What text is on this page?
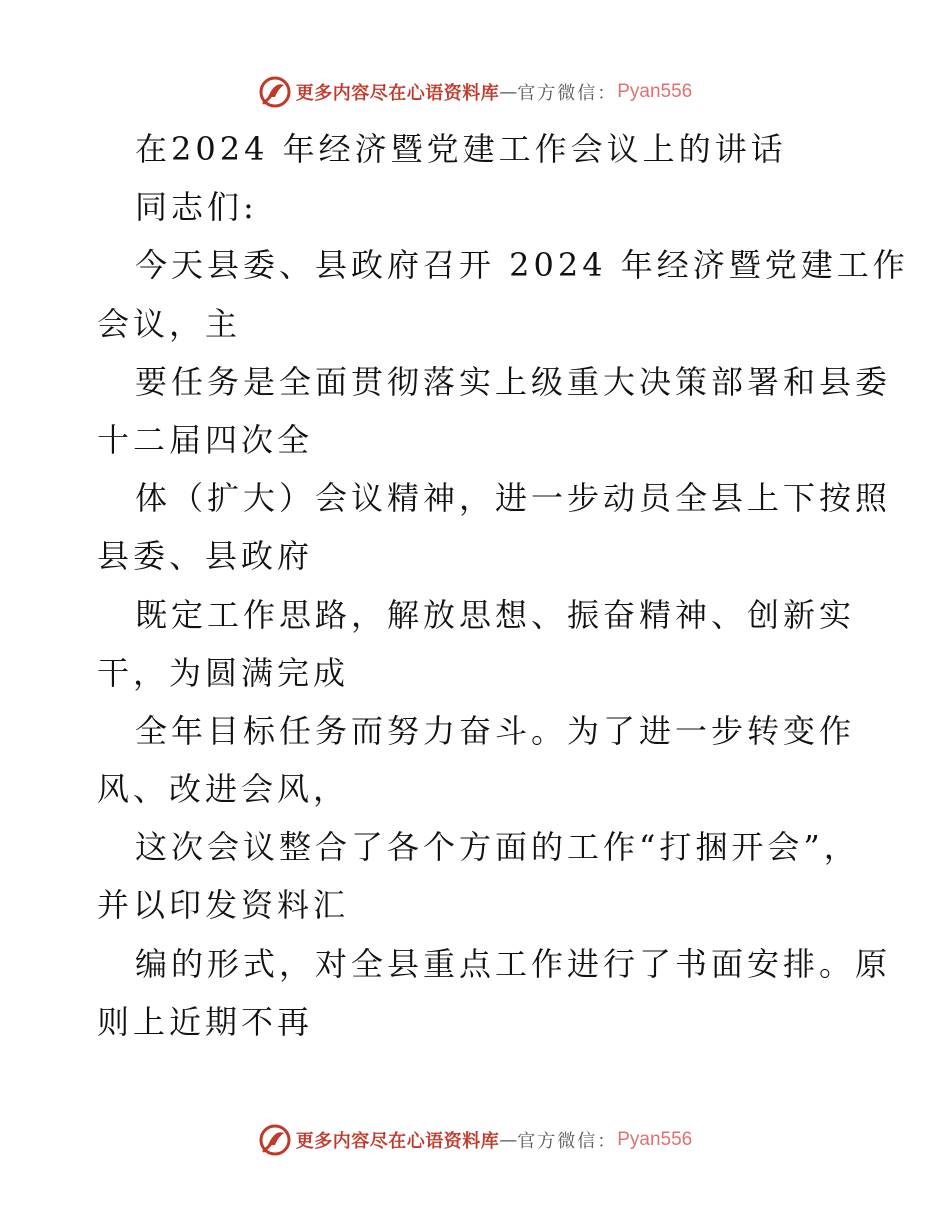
更多内容尽在心语资料库 — 官方微信： Pyan556
在2024 年经济暨党建工作会议上的讲话
同志们:
今天县委、县政府召开 2024 年经济暨党建工作
会议，主
要任务是全面贯彻落实上级重大决策部署和县委
十二届四次全
体（扩大）会议精神，进一步动员全县上下按照
县委、县政府
既定工作思路，解放思想、振奋精神、创新实
干，为圆满完成
全年目标任务而努力奋斗。为了进一步转变作
风、改进会风，
这次会议整合了各个方面的工作“打捆开会”，
并以印发资料汇
编的形式，对全县重点工作进行了书面安排。原
则上近期不再
更多内容尽在心语资料库 — 官方微信： Pyan556
